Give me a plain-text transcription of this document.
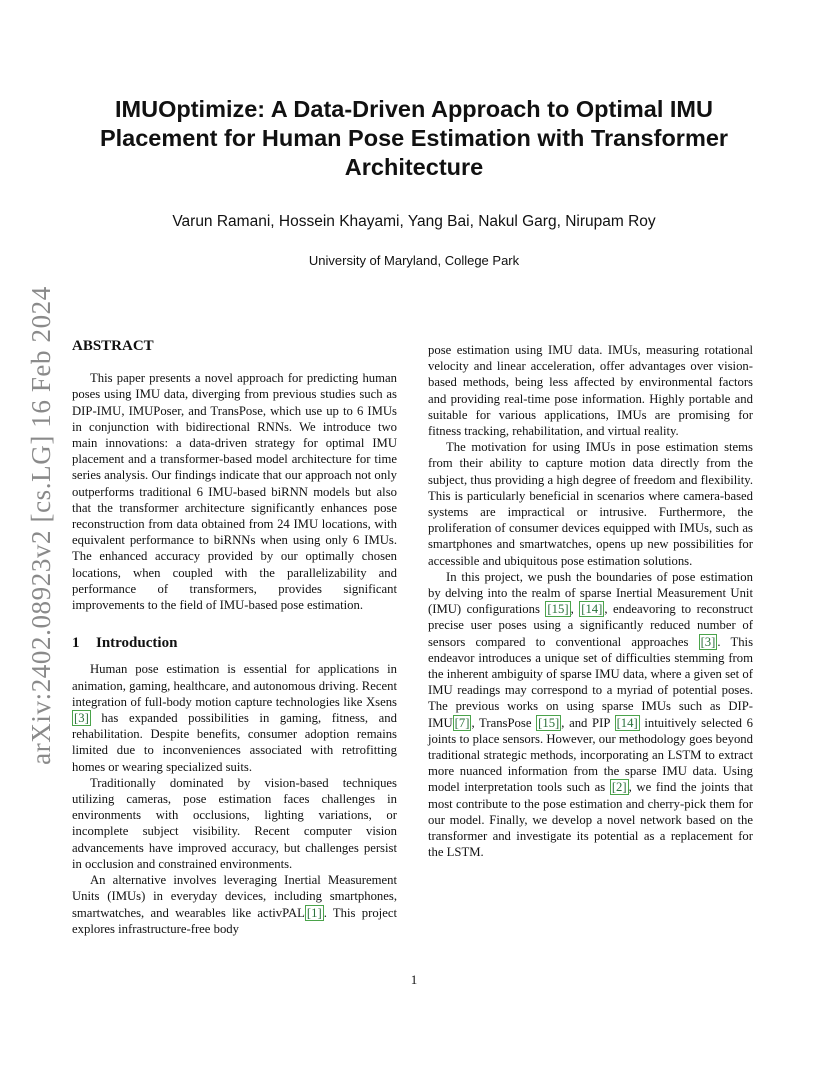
arXiv:2402.08923v2 [cs.LG] 16 Feb 2024
IMUOptimize: A Data-Driven Approach to Optimal IMU Placement for Human Pose Estimation with Transformer Architecture
Varun Ramani, Hossein Khayami, Yang Bai, Nakul Garg, Nirupam Roy
University of Maryland, College Park
ABSTRACT

This paper presents a novel approach for predicting human poses using IMU data, diverging from previous studies such as DIP-IMU, IMUPoser, and TransPose, which use up to 6 IMUs in conjunction with bidirectional RNNs. We introduce two main innovations: a data-driven strategy for optimal IMU placement and a transformer-based model architecture for time series analysis. Our findings indicate that our approach not only outperforms traditional 6 IMU-based biRNN models but also that the transformer architecture significantly enhances pose reconstruction from data obtained from 24 IMU locations, with equivalent performance to biRNNs when using only 6 IMUs. The enhanced accuracy provided by our optimally chosen locations, when coupled with the parallelizability and performance of transformers, provides significant improvements to the field of IMU-based pose estimation.

1 Introduction

Human pose estimation is essential for applications in animation, gaming, healthcare, and autonomous driving. Recent integration of full-body motion capture technologies like Xsens [3] has expanded possibilities in gaming, fitness, and rehabilitation. Despite benefits, consumer adoption remains limited due to inconveniences associated with retrofitting homes or wearing specialized suits.

Traditionally dominated by vision-based techniques utilizing cameras, pose estimation faces challenges in environments with occlusions, lighting variations, or incomplete subject visibility. Recent computer vision advancements have improved accuracy, but challenges persist in occlusion and constrained environments.

An alternative involves leveraging Inertial Measurement Units (IMUs) in everyday devices, including smartphones, smartwatches, and wearables like activPAL [1] . This project explores infrastructure-free body

pose estimation using IMU data. IMUs, measuring rotational velocity and linear acceleration, offer advantages over vision-based methods, being less affected by environmental factors and providing real-time pose information. Highly portable and suitable for various applications, IMUs are promising for fitness tracking, rehabilitation, and virtual reality.

The motivation for using IMUs in pose estimation stems from their ability to capture motion data directly from the subject, thus providing a high degree of freedom and flexibility. This is particularly beneficial in scenarios where camera-based systems are impractical or intrusive. Furthermore, the proliferation of consumer devices equipped with IMUs, such as smartphones and smartwatches, opens up new possibilities for accessible and ubiquitous pose estimation solutions.

In this project, we push the boundaries of pose estimation by delving into the realm of sparse Inertial Measurement Unit (IMU) configurations [15] , [14] , endeavoring to reconstruct precise user poses using a significantly reduced number of sensors compared to conventional approaches [3] . This endeavor introduces a unique set of difficulties stemming from the inherent ambiguity of sparse IMU data, where a given set of IMU readings may correspond to a myriad of potential poses. The previous works on using sparse IMUs such as DIP-IMU [7] , TransPose [15] , and PIP [14] intuitively selected 6 joints to place sensors. However, our methodology goes beyond traditional strategic methods, incorporating an LSTM to extract more nuanced information from the sparse IMU data. Using model interpretation tools such as [2] , we find the joints that most contribute to the pose estimation and cherry-pick them for our model. Finally, we develop a novel network based on the transformer and investigate its potential as a replacement for the LSTM.

1
